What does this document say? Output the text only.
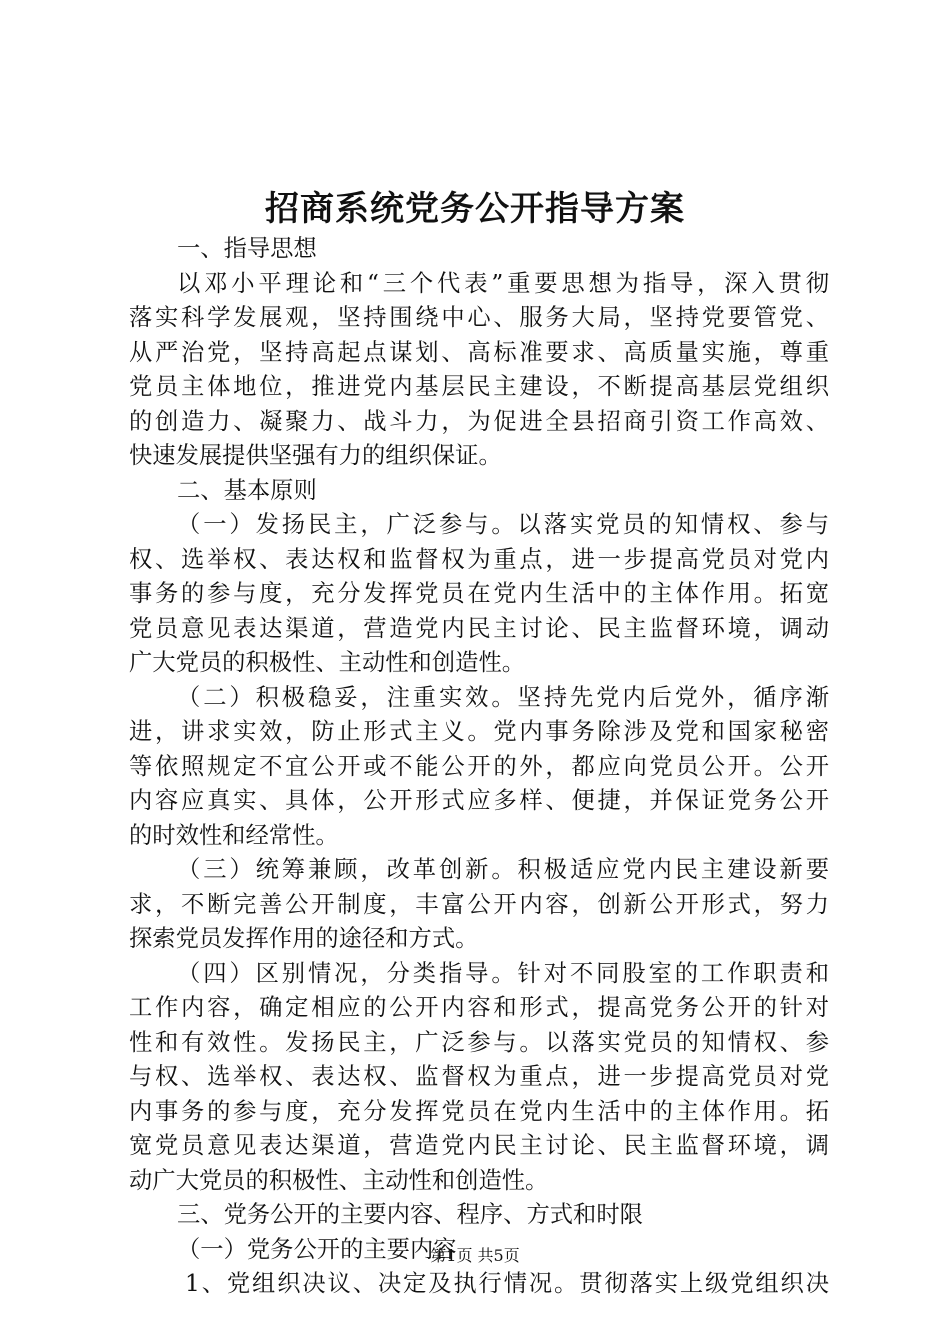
招商系统党务公开指导方案
一、指导思想
以邓小平理论和“三个代表”重要思想为指导，深入贯彻
落实科学发展观，坚持围绕中心、服务大局，坚持党要管党、
从严治党，坚持高起点谋划、高标准要求、高质量实施，尊重
党员主体地位，推进党内基层民主建设，不断提高基层党组织
的创造力、凝聚力、战斗力，为促进全县招商引资工作高效、
快速发展提供坚强有力的组织保证。
二、基本原则
（一）发扬民主，广泛参与。以落实党员的知情权、参与
权、选举权、表达权和监督权为重点，进一步提高党员对党内
事务的参与度，充分发挥党员在党内生活中的主体作用。拓宽
党员意见表达渠道，营造党内民主讨论、民主监督环境，调动
广大党员的积极性、主动性和创造性。
（二）积极稳妥，注重实效。坚持先党内后党外，循序渐
进，讲求实效，防止形式主义。党内事务除涉及党和国家秘密
等依照规定不宜公开或不能公开的外，都应向党员公开。公开
内容应真实、具体，公开形式应多样、便捷，并保证党务公开
的时效性和经常性。
（三）统筹兼顾，改革创新。积极适应党内民主建设新要
求，不断完善公开制度，丰富公开内容，创新公开形式，努力
探索党员发挥作用的途径和方式。
（四）区别情况，分类指导。针对不同股室的工作职责和
工作内容，确定相应的公开内容和形式，提高党务公开的针对
性和有效性。发扬民主，广泛参与。以落实党员的知情权、参
与权、选举权、表达权、监督权为重点，进一步提高党员对党
内事务的参与度，充分发挥党员在党内生活中的主体作用。拓
宽党员意见表达渠道，营造党内民主讨论、民主监督环境，调
动广大党员的积极性、主动性和创造性。
三、党务公开的主要内容、程序、方式和时限
（一）党务公开的主要内容
1、党组织决议、决定及执行情况。贯彻落实上级党组织决
第1页 共5页
